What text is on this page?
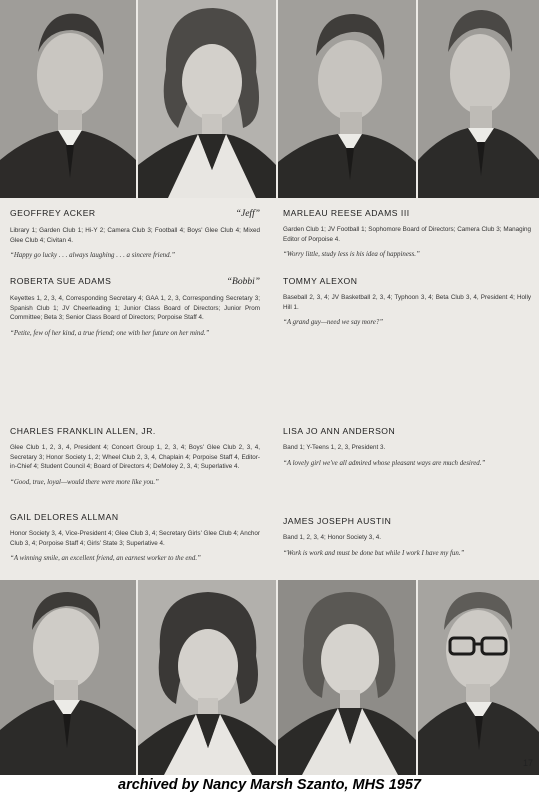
GEOFFREY ACKER	“Jeff”
Library 1; Garden Club 1; Hi-Y 2; Camera Club 3; Football 4; Boys' Glee Club 4; Mixed Glee Club 4; Civitan 4.
“Happy go lucky . . . always laughing . . . a sincere friend.”
MARLEAU REESE ADAMS III
Garden Club 1; JV Football 1; Sophomore Board of Directors; Camera Club 3; Managing Editor of Porpoise 4.
“Worry little, study less is his idea of happiness.”
ROBERTA SUE ADAMS	“Bobbi”
Keyettes 1, 2, 3, 4, Corresponding Secretary 4; GAA 1, 2, 3, Corresponding Secretary 3; Spanish Club 1; JV Cheerleading 1; Junior Class Board of Directors; Junior Prom Committee; Beta 3; Senior Class Board of Directors; Porpoise Staff 4.
“Petite, few of her kind, a true friend; one with her future on her mind.”
TOMMY ALEXON
Baseball 2, 3, 4; JV Basketball 2, 3, 4; Typhoon 3, 4; Beta Club 3, 4, President 4; Holly Hill 1.
“A grand guy—need we say more?”
CHARLES FRANKLIN ALLEN, JR.
Glee Club 1, 2, 3, 4, President 4; Concert Group 1, 2, 3, 4; Boys' Glee Club 2, 3, 4, Secretary 3; Honor Society 1, 2; Wheel Club 2, 3, 4, Chaplain 4; Porpoise Staff 4, Editor-in-Chief 4; Student Council 4; Board of Directors 4; DeMoley 2, 3, 4; Superlative 4.
“Good, true, loyal—would there were more like you.”
LISA JO ANN ANDERSON
Band 1; Y-Teens 1, 2, 3, President 3.
“A lovely girl we've all admired whose pleasant ways are much desired.”
GAIL DELORES ALLMAN
Honor Society 3, 4, Vice-President 4; Glee Club 3, 4; Secretary Girls' Glee Club 4; Anchor Club 3, 4; Porpoise Staff 4; Girls' State 3; Superlative 4.
“A winning smile, an excellent friend, an earnest worker to the end.”
JAMES JOSEPH AUSTIN
Band 1, 2, 3, 4; Honor Society 3, 4.
“Work is work and must be done but while I work I have my fun.”
17
archived by Nancy Marsh Szanto, MHS 1957
